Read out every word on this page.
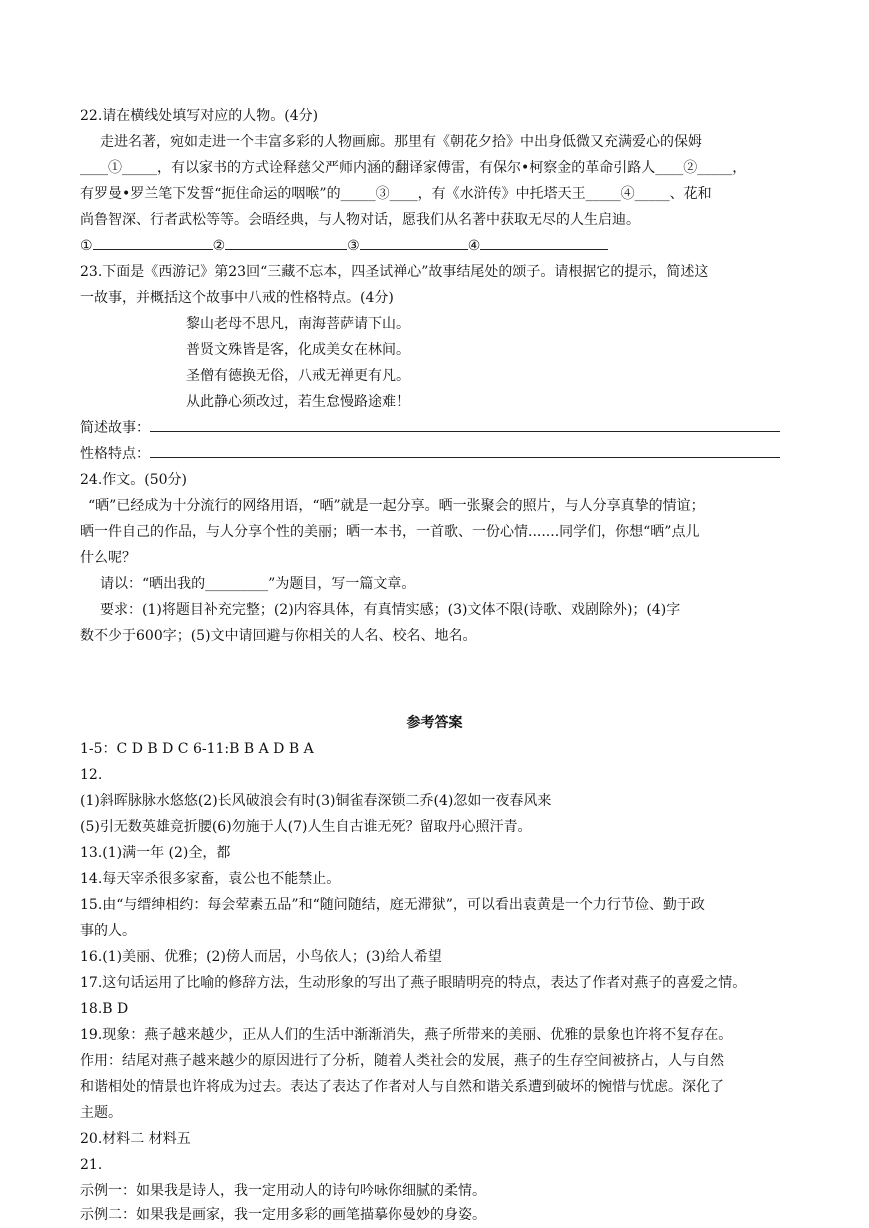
22.请在横线处填写对应的人物。(4分)
走进名著，宛如走进一个丰富多彩的人物画廊。那里有《朝花夕拾》中出身低微又充满爱心的保姆
____①_____，有以家书的方式诠释慈父严师内涵的翻译家傅雷，有保尔•柯察金的革命引路人____②_____，
有罗曼•罗兰笔下发誓“扼住命运的咽喉”的_____③____，有《水浒传》中托塔天王_____④_____、花和
尚鲁智深、行者武松等等。会晤经典，与人物对话，愿我们从名著中获取无尽的人生启迪。
①	②	③	④
23.下面是《西游记》第23回“三藏不忘本，四圣试禅心”故事结尾处的颂子。请根据它的提示，简述这
一故事，并概括这个故事中八戒的性格特点。(4分)
黎山老母不思凡，南海菩萨请下山。
普贤文殊皆是客，化成美女在林间。
圣僧有德换无俗，八戒无禅更有凡。
从此静心须改过，若生怠慢路途难！
简述故事：
性格特点：
24.作文。(50分)
“晒”已经成为十分流行的网络用语，“晒”就是一起分享。晒一张聚会的照片，与人分享真挚的情谊；
晒一件自己的作品，与人分享个性的美丽；晒一本书，一首歌、一份心情.......同学们，你想“晒”点儿
什么呢？
请以：“晒出我的_________”为题目，写一篇文章。
要求：(1)将题目补充完整；(2)内容具体，有真情实感；(3)文体不限(诗歌、戏剧除外)；(4)字
数不少于600字；(5)文中请回避与你相关的人名、校名、地名。
参考答案
1-5：C D B D C 6-11:B B A D B A
12.
(1)斜晖脉脉水悠悠(2)长风破浪会有时(3)铜雀春深锁二乔(4)忽如一夜春风来
(5)引无数英雄竞折腰(6)勿施于人(7)人生自古谁无死？留取丹心照汗青。
13.(1)满一年 (2)全，都
14.每天宰杀很多家畜，袁公也不能禁止。
15.由“与缙绅相约：每会荤素五品”和“随问随结，庭无滞狱”，可以看出袁黄是一个力行节俭、勤于政
事的人。
16.(1)美丽、优雅；(2)傍人而居，小鸟依人；(3)给人希望
17.这句话运用了比喻的修辞方法，生动形象的写出了燕子眼睛明亮的特点，表达了作者对燕子的喜爱之情。
18.B D
19.现象：燕子越来越少，正从人们的生活中渐渐消失，燕子所带来的美丽、优雅的景象也许将不复存在。
作用：结尾对燕子越来越少的原因进行了分析，随着人类社会的发展，燕子的生存空间被挤占，人与自然
和谐相处的情景也许将成为过去。表达了表达了作者对人与自然和谐关系遭到破坏的惋惜与忧虑。深化了
主题。
20.材料二 材料五
21.
示例一：如果我是诗人，我一定用动人的诗句吟咏你细腻的柔情。
示例二：如果我是画家，我一定用多彩的画笔描摹你曼妙的身姿。
